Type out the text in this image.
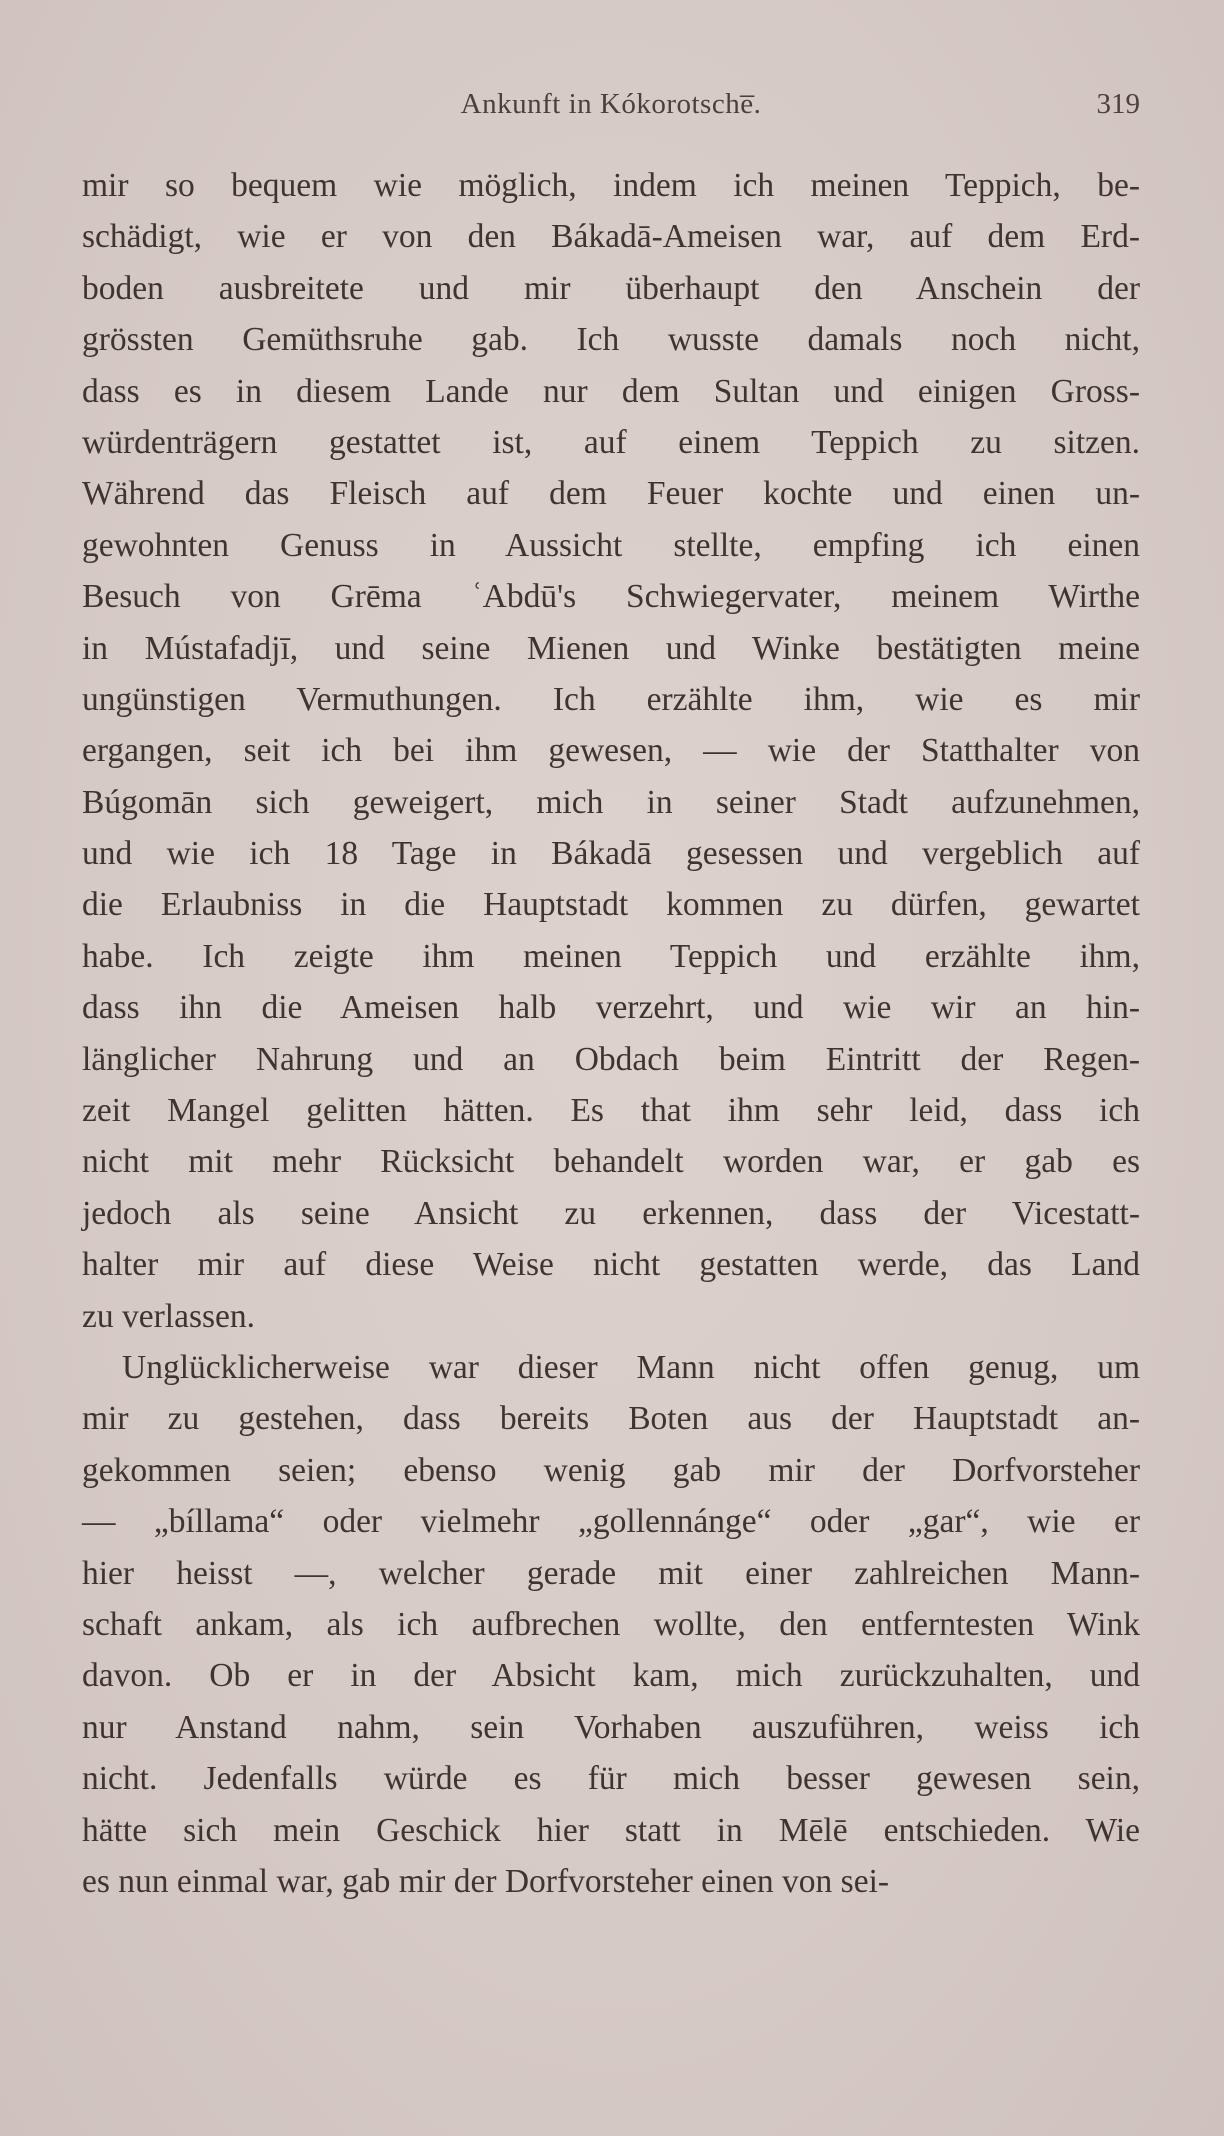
Ankunft in Kókorotsche̅.	319
mir so bequem wie möglich, indem ich meinen Teppich, be-
schädigt, wie er von den Bákadā-Ameisen war, auf dem Erd-
boden ausbreitete und mir überhaupt den Anschein der
grössten Gemüthsruhe gab. Ich wusste damals noch nicht,
dass es in diesem Lande nur dem Sultan und einigen Gross-
würdenträgern gestattet ist, auf einem Teppich zu sitzen.
Während das Fleisch auf dem Feuer kochte und einen un-
gewohnten Genuss in Aussicht stellte, empfing ich einen
Besuch von Grēma ʿAbdū's Schwiegervater, meinem Wirthe
in Mústafadjī, und seine Mienen und Winke bestätigten meine
ungünstigen Vermuthungen. Ich erzählte ihm, wie es mir
ergangen, seit ich bei ihm gewesen, — wie der Statthalter von
Búgomān sich geweigert, mich in seiner Stadt aufzunehmen,
und wie ich 18 Tage in Bákadā gesessen und vergeblich auf
die Erlaubniss in die Hauptstadt kommen zu dürfen, gewartet
habe. Ich zeigte ihm meinen Teppich und erzählte ihm,
dass ihn die Ameisen halb verzehrt, und wie wir an hin-
länglicher Nahrung und an Obdach beim Eintritt der Regen-
zeit Mangel gelitten hätten. Es that ihm sehr leid, dass ich
nicht mit mehr Rücksicht behandelt worden war, er gab es
jedoch als seine Ansicht zu erkennen, dass der Vicestatt-
halter mir auf diese Weise nicht gestatten werde, das Land
zu verlassen.
Unglücklicherweise war dieser Mann nicht offen genug, um
mir zu gestehen, dass bereits Boten aus der Hauptstadt an-
gekommen seien; ebenso wenig gab mir der Dorfvorsteher
— „bíllama“ oder vielmehr „gollennánge“ oder „gar“, wie er
hier heisst —, welcher gerade mit einer zahlreichen Mann-
schaft ankam, als ich aufbrechen wollte, den entferntesten Wink
davon. Ob er in der Absicht kam, mich zurückzuhalten, und
nur Anstand nahm, sein Vorhaben auszuführen, weiss ich
nicht. Jedenfalls würde es für mich besser gewesen sein,
hätte sich mein Geschick hier statt in Mēlē entschieden. Wie
es nun einmal war, gab mir der Dorfvorsteher einen von sei-
